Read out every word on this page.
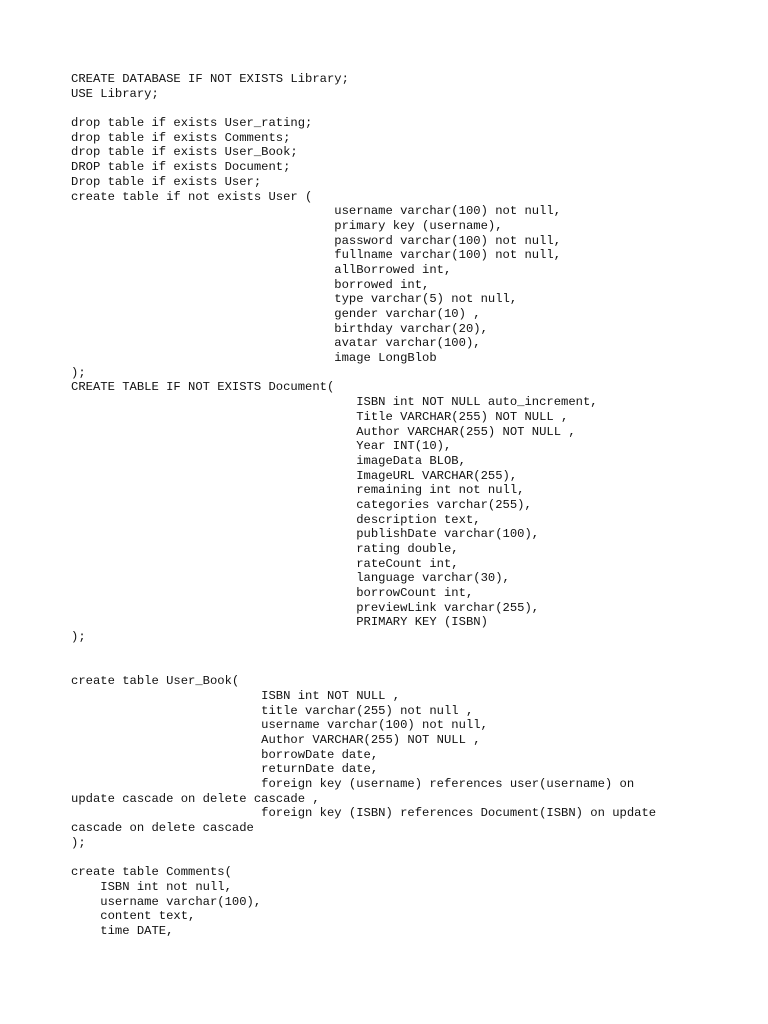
CREATE DATABASE IF NOT EXISTS Library;
USE Library;
drop table if exists User_rating;
drop table if exists Comments;
drop table if exists User_Book;
DROP table if exists Document;
Drop table if exists User;
create table if not exists User (
username varchar(100) not null,
primary key (username),
password varchar(100) not null,
fullname varchar(100) not null,
allBorrowed int,
borrowed int,
type varchar(5) not null,
gender varchar(10) ,
birthday varchar(20),
avatar varchar(100),
image LongBlob
);
CREATE TABLE IF NOT EXISTS Document(
ISBN int NOT NULL auto_increment,
Title VARCHAR(255) NOT NULL ,
Author VARCHAR(255) NOT NULL ,
Year INT(10),
imageData BLOB,
ImageURL VARCHAR(255),
remaining int not null,
categories varchar(255),
description text,
publishDate varchar(100),
rating double,
rateCount int,
language varchar(30),
borrowCount int,
previewLink varchar(255),
PRIMARY KEY (ISBN)
);
create table User_Book(
ISBN int NOT NULL ,
title varchar(255) not null ,
username varchar(100) not null,
Author VARCHAR(255) NOT NULL ,
borrowDate date,
returnDate date,
foreign key (username) references user(username) on
update cascade on delete cascade ,
foreign key (ISBN) references Document(ISBN) on update
cascade on delete cascade
);
create table Comments(
ISBN int not null,
username varchar(100),
content text,
time DATE,
